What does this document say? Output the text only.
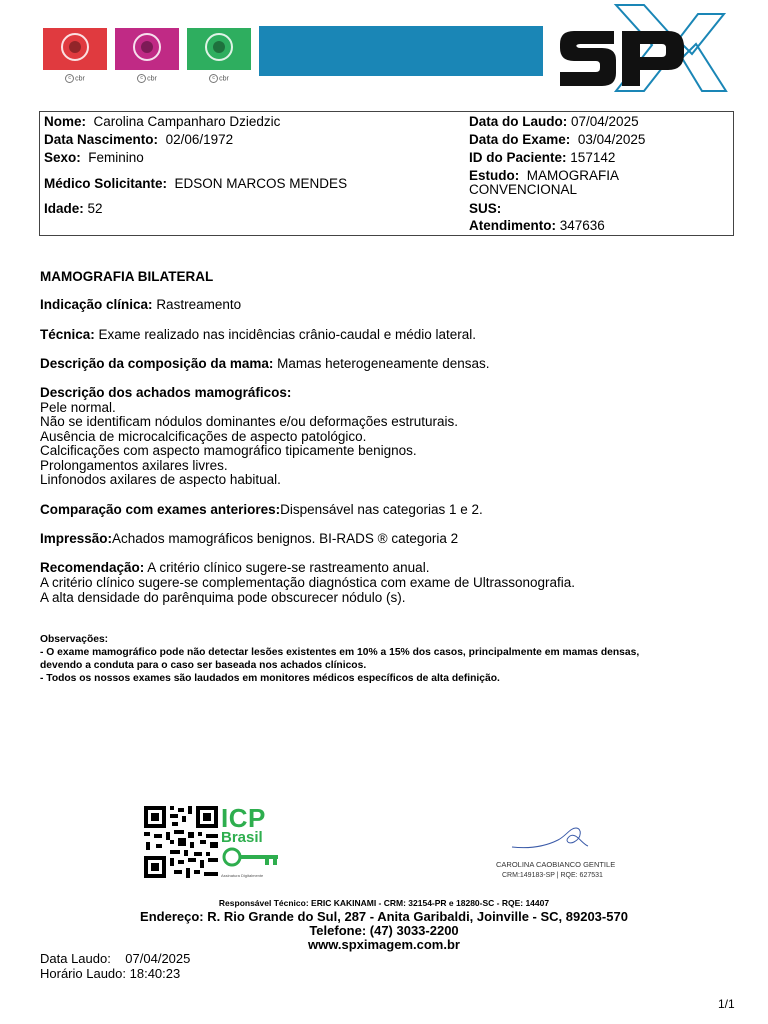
c cbr	c cbr	c cbr
Nome: Carolina Campanharo Dziedzic
Data Nascimento: 02/06/1972
Sexo: Feminino
Médico Solicitante: EDSON MARCOS MENDES
Idade: 52
Data do Laudo: 07/04/2025
Data do Exame: 03/04/2025
ID do Paciente: 157142
Estudo: MAMOGRAFIA
CONVENCIONAL
SUS:
Atendimento: 347636
MAMOGRAFIA BILATERAL
Indicação clínica: Rastreamento
Técnica: Exame realizado nas incidências crânio-caudal e médio lateral.
Descrição da composição da mama: Mamas heterogeneamente densas.
Descrição dos achados mamográficos:
Pele normal.
Não se identificam nódulos dominantes e/ou deformações estruturais.
Ausência de microcalcificações de aspecto patológico.
Calcificações com aspecto mamográfico tipicamente benignos.
Prolongamentos axilares livres.
Linfonodos axilares de aspecto habitual.
Comparação com exames anteriores:Dispensável nas categorias 1 e 2.
Impressão:Achados mamográficos benignos. BI-RADS ® categoria 2
Recomendação: A critério clínico sugere-se rastreamento anual.
A critério clínico sugere-se complementação diagnóstica com exame de Ultrassonografia.
A alta densidade do parênquima pode obscurecer nódulo (s).
Observações:
- O exame mamográfico pode não detectar lesões existentes em 10% a 15% dos casos, principalmente em mamas densas,
devendo a conduta para o caso ser baseada nos achados clínicos.
- Todos os nossos exames são laudados em monitores médicos específicos de alta definição.
ICP
Brasil
Assinatura Digitalmente
CAROLINA CAOBIANCO GENTILE
CRM:149183-SP | RQE: 627531
Responsável Técnico: ERIC KAKINAMI - CRM: 32154-PR e 18280-SC - RQE: 14407
Endereço: R. Rio Grande do Sul, 287 - Anita Garibaldi, Joinville - SC, 89203-570
Telefone: (47) 3033-2200
www.spximagem.com.br
Data Laudo: 07/04/2025
Horário Laudo: 18:40:23
1/1
